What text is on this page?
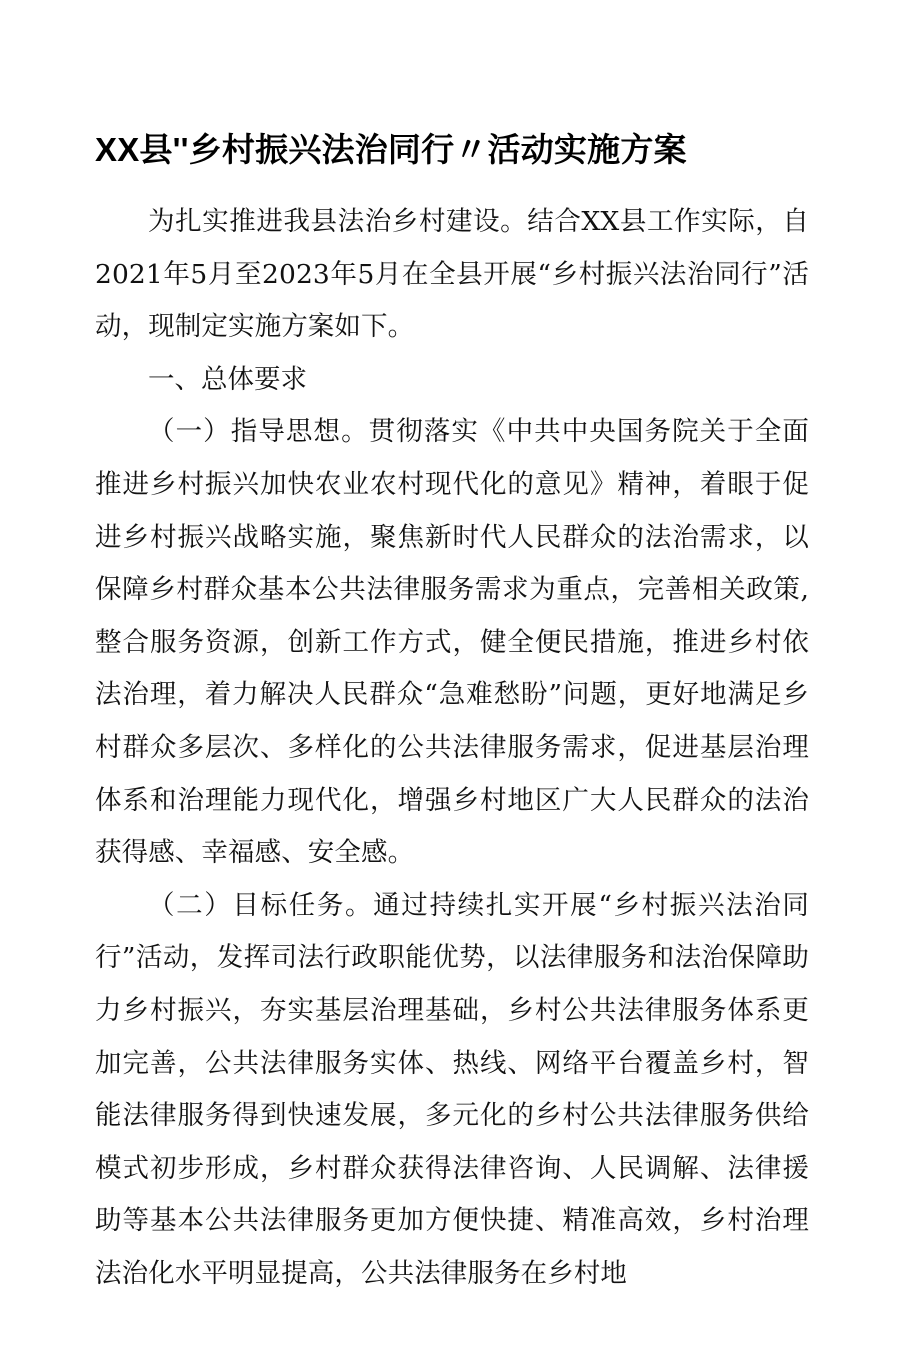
XX县''乡村振兴法治同行〃活动实施方案

为扎实推进我县法治乡村建设。结合XX县工作实际，自2021年5月至2023年5月在全县开展“乡村振兴法治同行”活动，现制定实施方案如下。

一、总体要求

（一）指导思想。贯彻落实《中共中央国务院关于全面推进乡村振兴加快农业农村现代化的意见》精神，着眼于促进乡村振兴战略实施，聚焦新时代人民群众的法治需求，以保障乡村群众基本公共法律服务需求为重点，完善相关政策,整合服务资源，创新工作方式，健全便民措施，推进乡村依法治理，着力解决人民群众“急难愁盼”问题，更好地满足乡村群众多层次、多样化的公共法律服务需求，促进基层治理体系和治理能力现代化，增强乡村地区广大人民群众的法治获得感、幸福感、安全感。

（二）目标任务。通过持续扎实开展“乡村振兴法治同行”活动，发挥司法行政职能优势，以法律服务和法治保障助力乡村振兴，夯实基层治理基础，乡村公共法律服务体系更加完善，公共法律服务实体、热线、网络平台覆盖乡村，智能法律服务得到快速发展，多元化的乡村公共法律服务供给模式初步形成，乡村群众获得法律咨询、人民调解、法律援助等基本公共法律服务更加方便快捷、精准高效，乡村治理法治化水平明显提高，公共法律服务在乡村地
